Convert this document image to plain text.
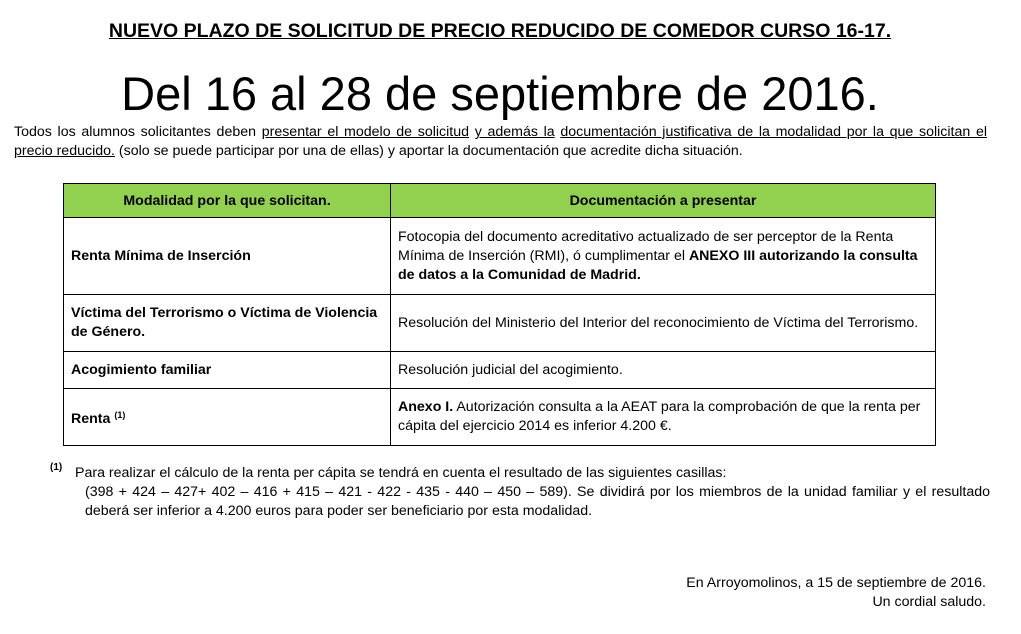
NUEVO PLAZO DE SOLICITUD DE PRECIO REDUCIDO DE COMEDOR CURSO 16-17.
Del 16 al 28 de septiembre de 2016.
Todos los alumnos solicitantes deben presentar el modelo de solicitud y además la documentación justificativa de la modalidad por la que solicitan el precio reducido. (solo se puede participar por una de ellas) y aportar la documentación que acredite dicha situación.
Modalidad por la que solicitan.	Documentación a presentar
Renta Mínima de Inserción	Fotocopia del documento acreditativo actualizado de ser perceptor de la Renta Mínima de Inserción (RMI), ó cumplimentar el ANEXO III autorizando la consulta de datos a la Comunidad de Madrid.
Víctima del Terrorismo o Víctima de Violencia de Género.	Resolución del Ministerio del Interior del reconocimiento de Víctima del Terrorismo.
Acogimiento familiar	Resolución judicial del acogimiento.
Renta $^{(1)}$	Anexo I. Autorización consulta a la AEAT para la comprobación de que la renta per cápita del ejercicio 2014 es inferior 4.200 €.
(1) Para realizar el cálculo de la renta per cápita se tendrá en cuenta el resultado de las siguientes casillas:
(398 + 424 – 427+ 402 – 416 + 415 – 421 - 422 - 435 - 440 – 450 – 589). Se dividirá por los miembros de la unidad familiar y el resultado deberá ser inferior a 4.200 euros para poder ser beneficiario por esta modalidad.
En Arroyomolinos, a 15 de septiembre de 2016.
Un cordial saludo.
